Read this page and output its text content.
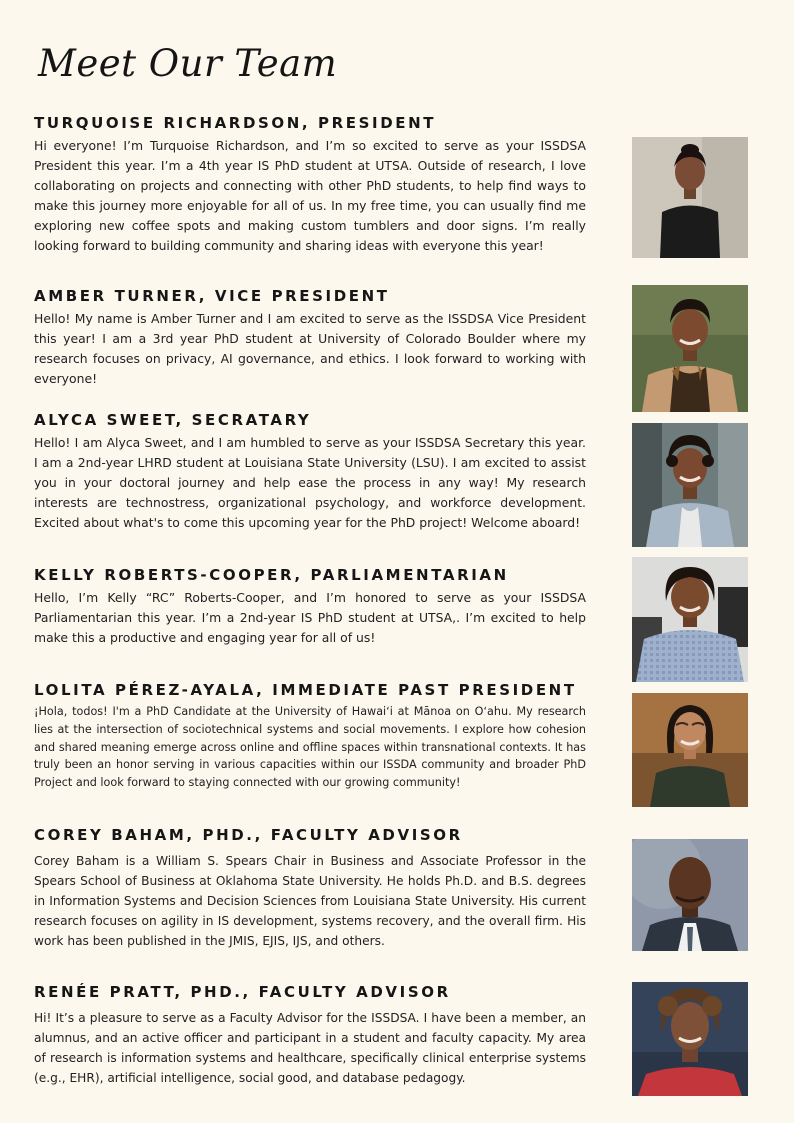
Meet Our Team
TURQUOISE RICHARDSON, PRESIDENT

Hi everyone! I’m Turquoise Richardson, and I’m so excited to serve as your ISSDSA President this year. I’m a 4th year IS PhD student at UTSA. Outside of research, I love collaborating on projects and connecting with other PhD students, to help find ways to make this journey more enjoyable for all of us. In my free time, you can usually find me exploring new coffee spots and making custom tumblers and door signs. I’m really looking forward to building community and sharing ideas with everyone this year!

AMBER TURNER, VICE PRESIDENT

Hello! My name is Amber Turner and I am excited to serve as the ISSDSA Vice President this year! I am a 3rd year PhD student at University of Colorado Boulder where my research focuses on privacy, AI governance, and ethics. I look forward to working with everyone!

ALYCA SWEET, SECRATARY

Hello! I am Alyca Sweet, and I am humbled to serve as your ISSDSA Secretary this year. I am a 2nd-year LHRD student at Louisiana State University (LSU). I am excited to assist you in your doctoral journey and help ease the process in any way! My research interests are technostress, organizational psychology, and workforce development. Excited about what's to come this upcoming year for the PhD project! Welcome aboard!

KELLY ROBERTS-COOPER, PARLIAMENTARIAN

Hello, I’m Kelly “RC” Roberts-Cooper, and I’m honored to serve as your ISSDSA Parliamentarian this year. I’m a 2nd-year IS PhD student at UTSA,. I’m excited to help make this a productive and engaging year for all of us!

LOLITA PÉREZ-AYALA, IMMEDIATE PAST PRESIDENT

¡Hola, todos! I'm a PhD Candidate at the University of Hawaiʻi at Mānoa on Oʻahu. My research lies at the intersection of sociotechnical systems and social movements. I explore how cohesion and shared meaning emerge across online and offline spaces within transnational contexts. It has truly been an honor serving in various capacities within our ISSDA community and broader PhD Project and look forward to staying connected with our growing community!

COREY BAHAM, PHD., FACULTY ADVISOR

Corey Baham is a William S. Spears Chair in Business and Associate Professor in the Spears School of Business at Oklahoma State University. He holds Ph.D. and B.S. degrees in Information Systems and Decision Sciences from Louisiana State University. His current research focuses on agility in IS development, systems recovery, and the overall firm. His work has been published in the JMIS, EJIS, IJS, and others.

RENÉE PRATT, PHD., FACULTY ADVISOR

Hi! It’s a pleasure to serve as a Faculty Advisor for the ISSDSA. I have been a member, an alumnus, and an active officer and participant in a student and faculty capacity. My area of research is information systems and healthcare, specifically clinical enterprise systems (e.g., EHR), artificial intelligence, social good, and database pedagogy.
